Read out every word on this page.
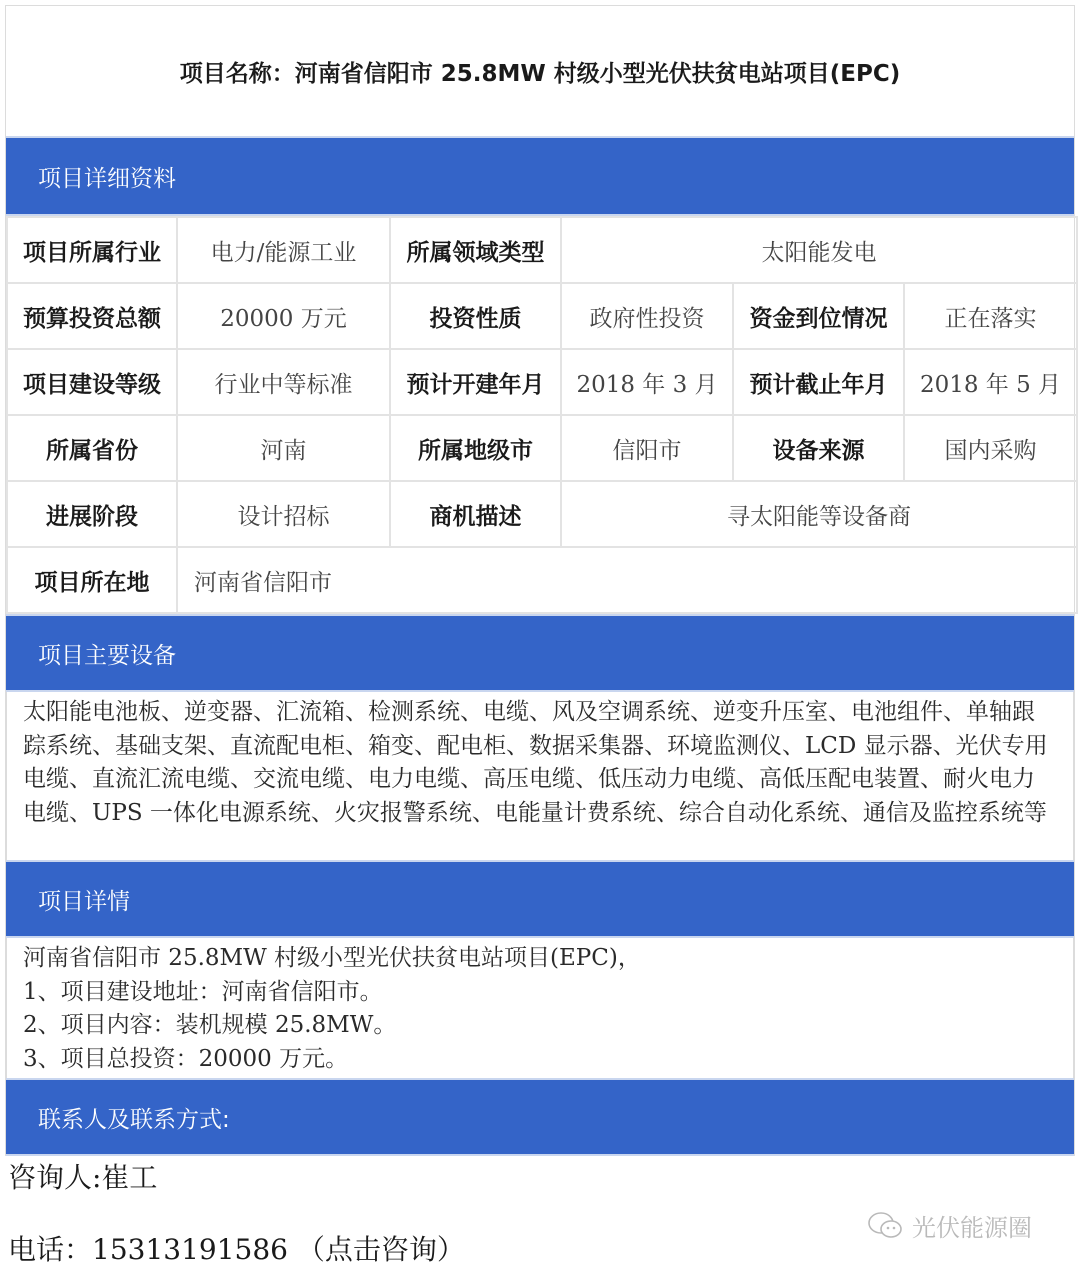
项目名称：河南省信阳市 25.8MW 村级小型光伏扶贫电站项目(EPC)
项目详细资料
项目所属行业	电力/能源工业	所属领域类型	太阳能发电		
预算投资总额	20000 万元	投资性质	政府性投资	资金到位情况	正在落实
项目建设等级	行业中等标准	预计开建年月	2018 年 3 月	预计截止年月	2018 年 5 月
所属省份	河南	所属地级市	信阳市	设备来源	国内采购
进展阶段	设计招标	商机描述	寻太阳能等设备商		
项目所在地	河南省信阳市				
项目主要设备
太阳能电池板、逆变器、汇流箱、检测系统、电缆、风及空调系统、逆变升压室、电池组件、单轴跟踪系统、基础支架、直流配电柜、箱变、配电柜、数据采集器、环境监测仪、LCD 显示器、光伏专用电缆、直流汇流电缆、交流电缆、电力电缆、高压电缆、低压动力电缆、高低压配电装置、耐火电力电缆、UPS 一体化电源系统、火灾报警系统、电能量计费系统、综合自动化系统、通信及监控系统等
项目详情
河南省信阳市 25.8MW 村级小型光伏扶贫电站项目(EPC)，
1、项目建设地址：河南省信阳市。
2、项目内容：装机规模 25.8MW。
3、项目总投资：20000 万元。
联系人及联系方式:
咨询人:崔工
电话：15313191586 （点击咨询）
光伏能源圈
